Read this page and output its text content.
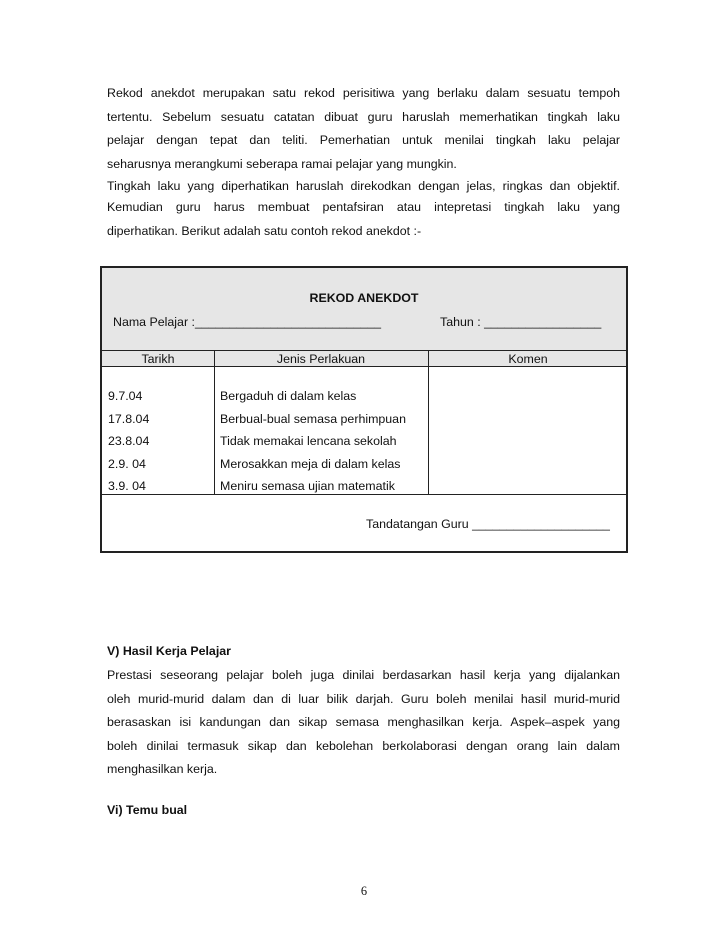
Rekod anekdot merupakan satu rekod perisitiwa yang berlaku dalam sesuatu tempoh
tertentu. Sebelum sesuatu catatan dibuat guru haruslah memerhatikan tingkah laku
pelajar dengan tepat dan teliti. Pemerhatian untuk menilai tingkah laku pelajar
seharusnya merangkumi seberapa ramai pelajar yang mungkin.
Tingkah laku yang diperhatikan haruslah direkodkan dengan jelas, ringkas dan objektif.
Kemudian guru harus membuat pentafsiran atau intepretasi tingkah laku yang
diperhatikan. Berikut adalah satu contoh rekod anekdot :-
REKOD ANEKDOT
Nama Pelajar :___________________________	Tahun : _________________
Tarikh	Jenis Perlakuan	Komen
9.7.04	Bergaduh di dalam kelas
17.8.04	Berbual-bual semasa perhimpuan
23.8.04	Tidak memakai lencana sekolah
2.9. 04	Merosakkan meja di dalam kelas
3.9. 04	Meniru semasa ujian matematik
Tandatangan Guru ____________________
V) Hasil Kerja Pelajar
Prestasi seseorang pelajar boleh juga dinilai berdasarkan hasil kerja yang dijalankan
oleh murid-murid dalam dan di luar bilik darjah. Guru boleh menilai hasil murid-murid
berasaskan isi kandungan dan sikap semasa menghasilkan kerja. Aspek–aspek yang
boleh dinilai termasuk sikap dan kebolehan berkolaborasi dengan orang lain dalam
menghasilkan kerja.
Vi) Temu bual
6
